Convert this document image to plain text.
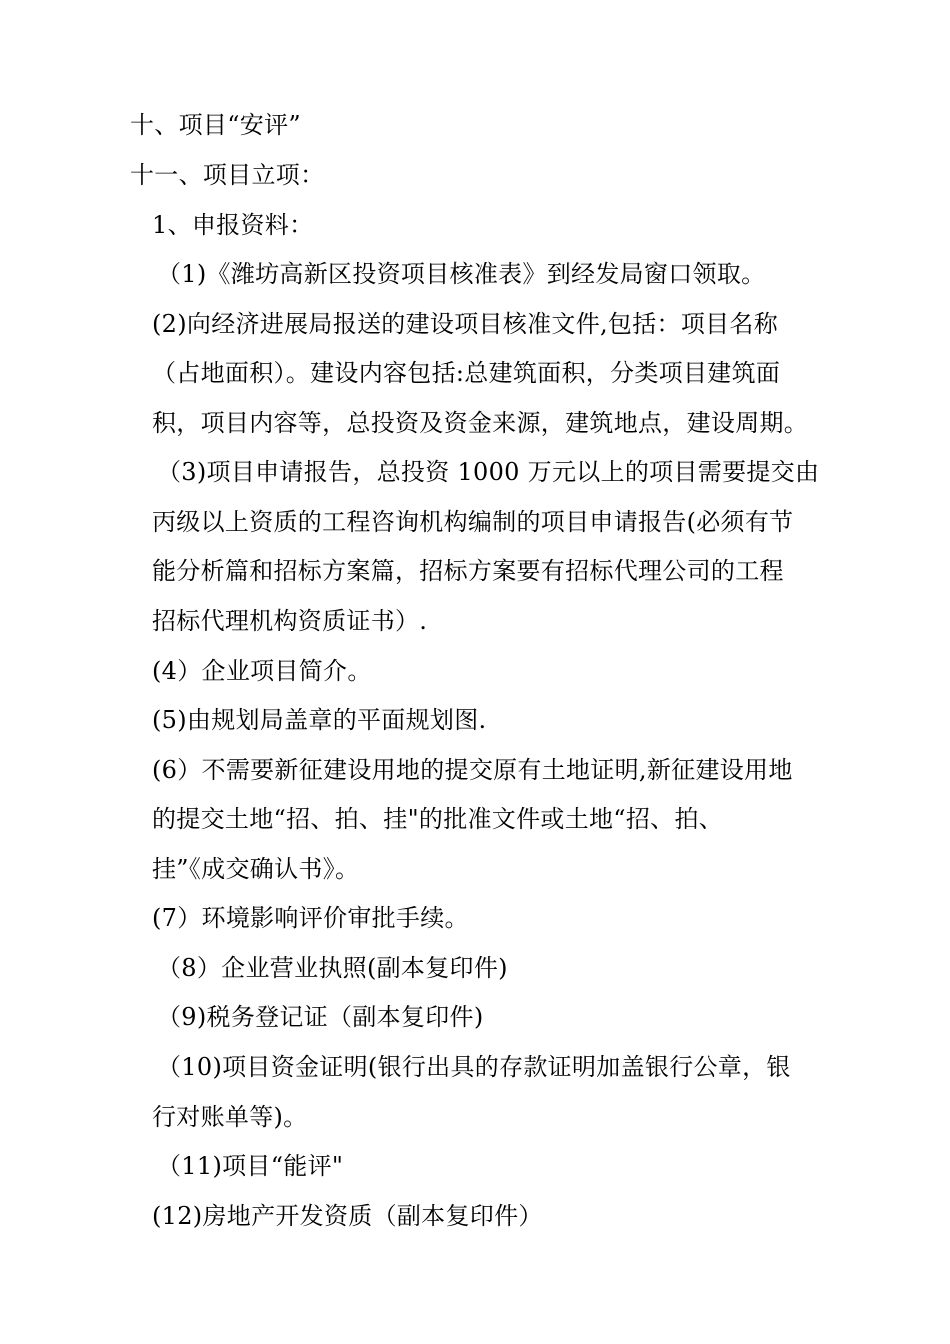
十、项目“安评”
十一、项目立项：
1、申报资料：
（1)《潍坊高新区投资项目核准表》到经发局窗口领取。
(2)向经济进展局报送的建设项目核准文件,包括：项目名称
（占地面积）。建设内容包括:总建筑面积，分类项目建筑面
积，项目内容等，总投资及资金来源，建筑地点，建设周期。
（3)项目申请报告，总投资 1000 万元以上的项目需要提交由
丙级以上资质的工程咨询机构编制的项目申请报告(必须有节
能分析篇和招标方案篇，招标方案要有招标代理公司的工程
招标代理机构资质证书）.
(4）企业项目简介。
(5)由规划局盖章的平面规划图.
(6）不需要新征建设用地的提交原有土地证明,新征建设用地
的提交土地“招、拍、挂"的批准文件或土地“招、拍、
挂”《成交确认书》。
(7）环境影响评价审批手续。
（8）企业营业执照(副本复印件)
（9)税务登记证（副本复印件)
（10)项目资金证明(银行出具的存款证明加盖银行公章，银
行对账单等)。
（11)项目“能评"
(12)房地产开发资质（副本复印件）
